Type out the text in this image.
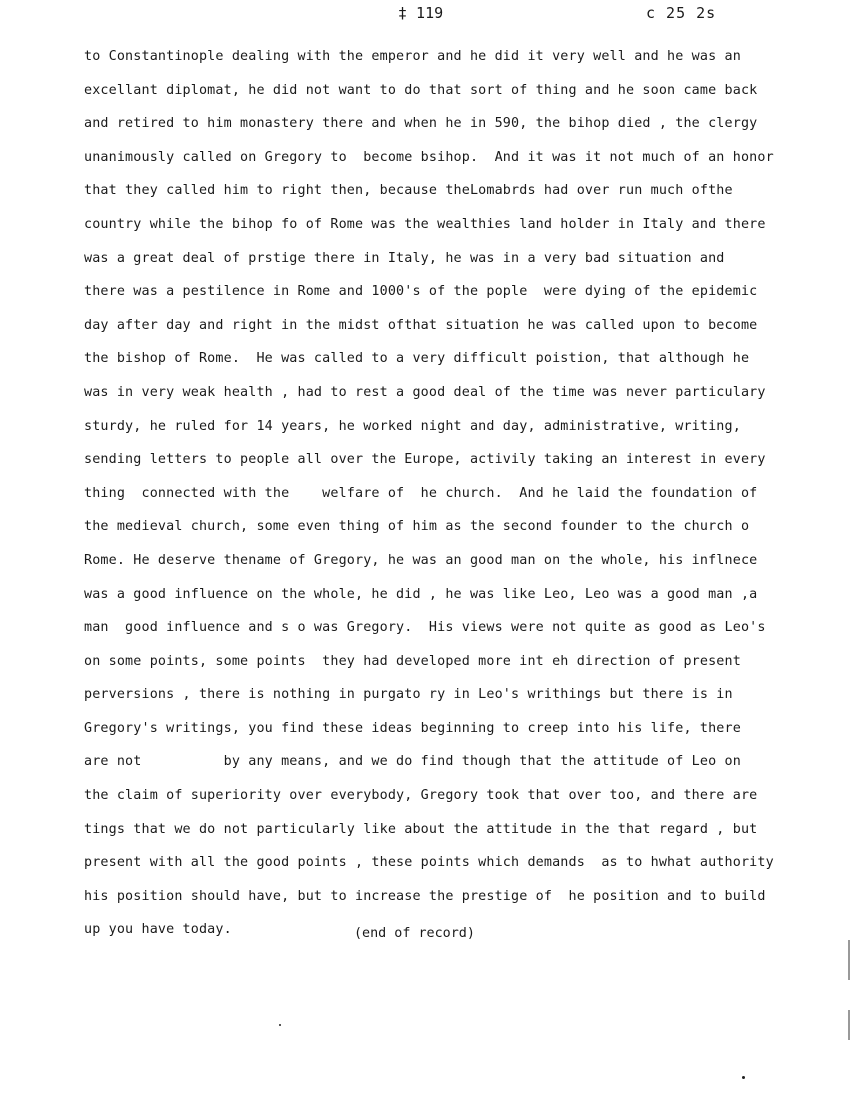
‡ 119	c 25 2s
to Constantinople dealing with the emperor and he did it very well and he was an
excellant diplomat, he did not want to do that sort of thing and he soon came back
and retired to him monastery there and when he in 590, the bihop died , the clergy
unanimously called on Gregory to  become bsihop.  And it was it not much of an honor
that they called him to right then, because theLomabrds had over run much ofthe
country while the bihop fo of Rome was the wealthies land holder in Italy and there
was a great deal of prstige there in Italy, he was in a very bad situation and
there was a pestilence in Rome and 1000's of the pople  were dying of the epidemic
day after day and right in the midst ofthat situation he was called upon to become
the bishop of Rome.  He was called to a very difficult poistion, that although he
was in very weak health , had to rest a good deal of the time was never particulary
sturdy, he ruled for 14 years, he worked night and day, administrative, writing,
sending letters to people all over the Europe, activily taking an interest in every
thing  connected with the    welfare of  he church.  And he laid the foundation of
the medieval church, some even thing of him as the second founder to the church o
Rome. He deserve thename of Gregory, he was an good man on the whole, his inflnece
was a good influence on the whole, he did , he was like Leo, Leo was a good man ,a
man  good influence and s o was Gregory.  His views were not quite as good as Leo's
on some points, some points  they had developed more int eh direction of present
perversions , there is nothing in purgato ry in Leo's writhings but there is in
Gregory's writings, you find these ideas beginning to creep into his life, there
are not          by any means, and we do find though that the attitude of Leo on
the claim of superiority over everybody, Gregory took that over too, and there are
tings that we do not particularly like about the attitude in the that regard , but
present with all the good points , these points which demands  as to hwhat authority
his position should have, but to increase the prestige of  he position and to build
up you have today.	(end of record)
